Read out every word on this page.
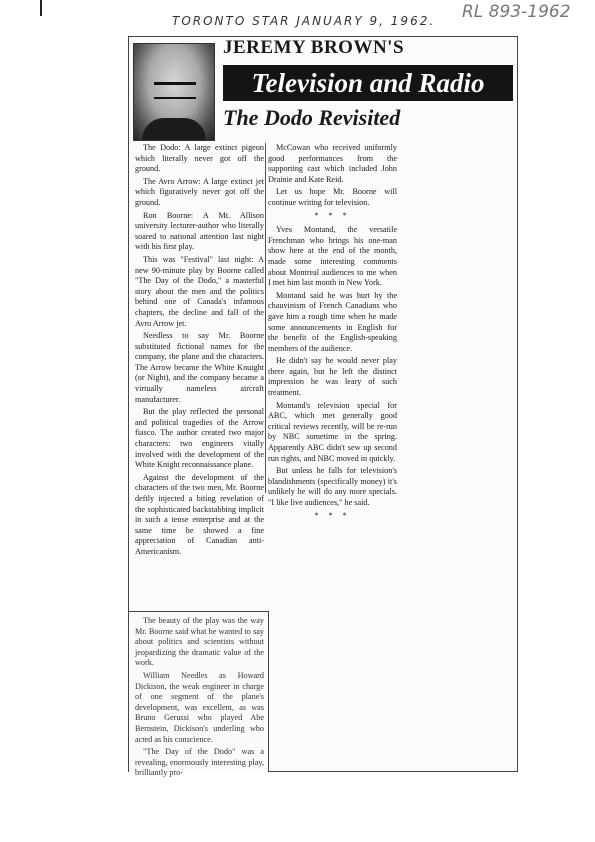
TORONTO STAR JANUARY 9, 1962. RL 893-1962
JEREMY BROWN'S
Television and Radio
The Dodo Revisited

The Dodo: A large extinct pigeon which literally never got off the ground.

The Avro Arrow: A large extinct jet which figuratively never got off the ground.

Ron Boorne: A Mt. Allison university lecturer-author who literally soared to national attention last night with his first play.

This was "Festival" last night: A new 90-minute play by Boorne called "The Day of the Dodo," a masterful story about the men and the politics behind one of Canada's infamous chapters, the decline and fall of the Avro Arrow jet.

Needless to say Mr. Boorne substituted fictional names for the company, the plane and the characters. The Arrow became the White Knuight (or Night), and the company became a virtually nameless aircraft manufacturer.

But the play reflected the personal and political tragedies of the Arrow fiasco. The author created two major characters: two engineers vitally involved with the development of the White Knight reconnaissance plane.

Against the development of the characters of the two men, Mr. Boorne deftly injected a biting revelation of the sophisticated backstabbing implicit in such a tense enterprise and at the same time he showed a fine appreciation of Canadian anti-Americanism.

McCowan who received uniformly good performances from the supporting cast which included John Drainie and Kate Reid.

Let us hope Mr. Boorne will continue writing for television.

* * *

Yves Montand, the versatile Frenchman who brings his one-man show here at the end of the month, made some interesting comments about Montreal audiences to me when I met him last month in New York.

Montand said he was hurt by the chauvinism of French Canadians who gave him a rough time when he made some announcements in English for the benefit of the English-speaking members of the audience.

He didn't say he would never play there again, but he left the distinct impression he was leary of such treatment.

Montand's television special for ABC, which met generally good critical reviews recently, will be re-run by NBC sometime in the spring. Apparently ABC didn't sew up second run rights, and NBC moved in quickly.

But unless he falls for television's blandishments (specifically money) it's unlikely he will do any more specials. "I like live audiences," he said.

* * *

The beauty of the play was the way Mr. Boorne said what he wanted to say about politics and scientists without jeopardizing the dramatic value of the work.

William Needles as Howard Dickison, the weak engineer in charge of one segment of the plane's development, was excellent, as was Bruno Gerussi who played Abe Bernstein, Dickison's underling who acted as his conscience.

"The Day of the Dodo" was a revealing, enormously interesting play, brilliantly pro-
